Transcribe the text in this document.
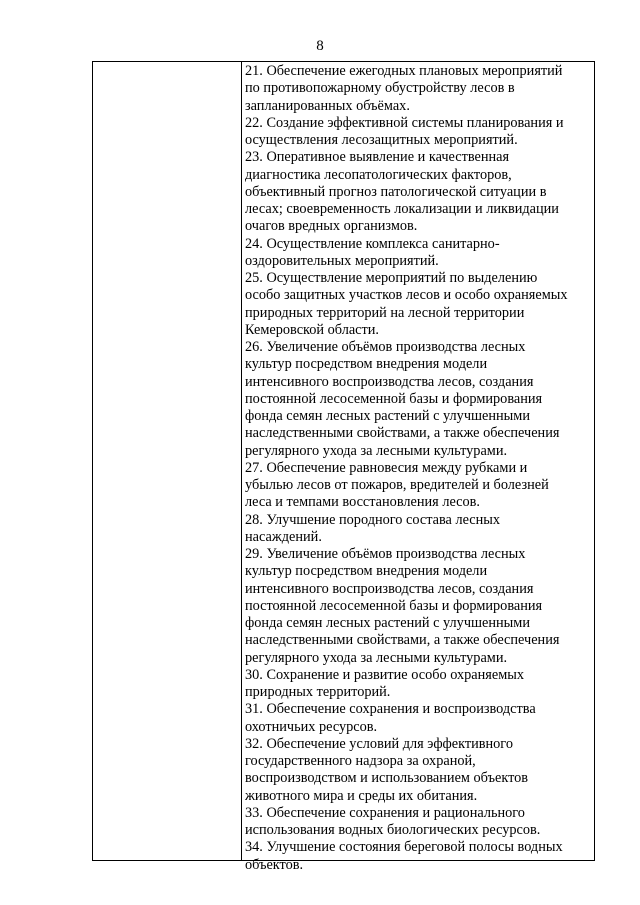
8

21. Обеспечение ежегодных плановых мероприятий
по противопожарному обустройству лесов в
запланированных объёмах.

22. Создание эффективной системы планирования и
осуществления лесозащитных мероприятий.

23. Оперативное выявление и качественная
диагностика лесопатологических факторов,
объективный прогноз патологической ситуации в
лесах; своевременность локализации и ликвидации
очагов вредных организмов.

24. Осуществление комплекса санитарно-
оздоровительных мероприятий.

25. Осуществление мероприятий по выделению
особо защитных участков лесов и особо охраняемых
природных территорий на лесной территории
Кемеровской области.

26. Увеличение объёмов производства лесных
культур посредством внедрения модели
интенсивного воспроизводства лесов, создания
постоянной лесосеменной базы и формирования
фонда семян лесных растений с улучшенными
наследственными свойствами, а также обеспечения
регулярного ухода за лесными культурами.

27. Обеспечение равновесия между рубками и
убылью лесов от пожаров, вредителей и болезней
леса и темпами восстановления лесов.

28. Улучшение породного состава лесных
насаждений.

29. Увеличение объёмов производства лесных
культур посредством внедрения модели
интенсивного воспроизводства лесов, создания
постоянной лесосеменной базы и формирования
фонда семян лесных растений с улучшенными
наследственными свойствами, а также обеспечения
регулярного ухода за лесными культурами.

30. Сохранение и развитие особо охраняемых
природных территорий.

31. Обеспечение сохранения и воспроизводства
охотничьих ресурсов.

32. Обеспечение условий для эффективного
государственного надзора за охраной,
воспроизводством и использованием объектов
животного мира и среды их обитания.

33. Обеспечение сохранения и рационального
использования водных биологических ресурсов.

34. Улучшение состояния береговой полосы водных
объектов.
